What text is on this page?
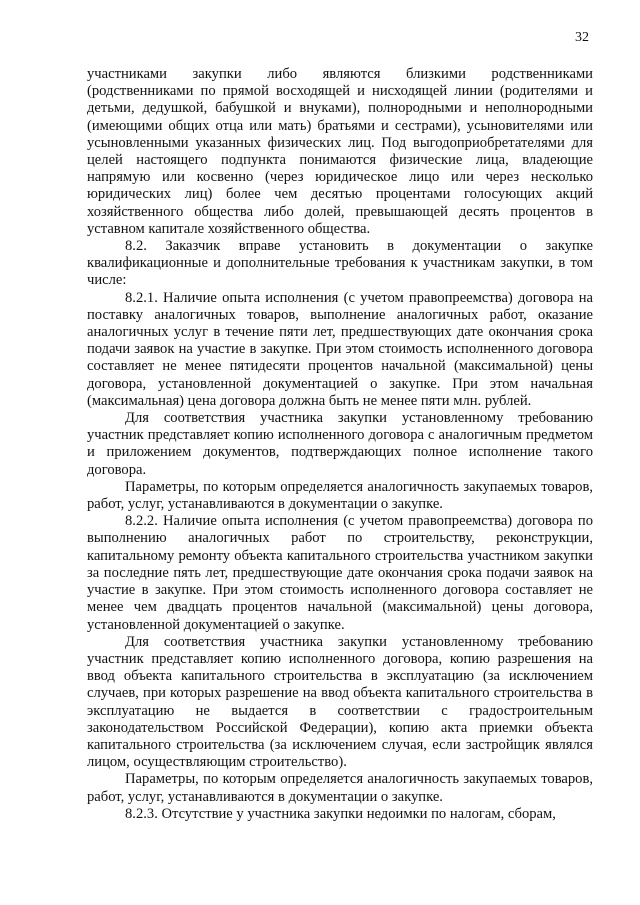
32

участниками закупки либо являются близкими родственниками (родственниками по прямой восходящей и нисходящей линии (родителями и детьми, дедушкой, бабушкой и внуками), полнородными и неполнородными (имеющими общих отца или мать) братьями и сестрами), усыновителями или усыновленными указанных физических лиц. Под выгодоприобретателями для целей настоящего подпункта понимаются физические лица, владеющие напрямую или косвенно (через юридическое лицо или через несколько юридических лиц) более чем десятью процентами голосующих акций хозяйственного общества либо долей, превышающей десять процентов в уставном капитале хозяйственного общества.

8.2. Заказчик вправе установить в документации о закупке квалификационные и дополнительные требования к участникам закупки, в том числе:

8.2.1. Наличие опыта исполнения (с учетом правопреемства) договора на поставку аналогичных товаров, выполнение аналогичных работ, оказание аналогичных услуг в течение пяти лет, предшествующих дате окончания срока подачи заявок на участие в закупке. При этом стоимость исполненного договора составляет не менее пятидесяти процентов начальной (максимальной) цены договора, установленной документацией о закупке. При этом начальная (максимальная) цена договора должна быть не менее пяти млн. рублей.

Для соответствия участника закупки установленному требованию участник представляет копию исполненного договора с аналогичным предметом и приложением документов, подтверждающих полное исполнение такого договора.

Параметры, по которым определяется аналогичность закупаемых товаров, работ, услуг, устанавливаются в документации о закупке.

8.2.2. Наличие опыта исполнения (с учетом правопреемства) договора по выполнению аналогичных работ по строительству, реконструкции, капитальному ремонту объекта капитального строительства участником закупки за последние пять лет, предшествующие дате окончания срока подачи заявок на участие в закупке. При этом стоимость исполненного договора составляет не менее чем двадцать процентов начальной (максимальной) цены договора, установленной документацией о закупке.

Для соответствия участника закупки установленному требованию участник представляет копию исполненного договора, копию разрешения на ввод объекта капитального строительства в эксплуатацию (за исключением случаев, при которых разрешение на ввод объекта капитального строительства в эксплуатацию не выдается в соответствии с градостроительным законодательством Российской Федерации), копию акта приемки объекта капитального строительства (за исключением случая, если застройщик являлся лицом, осуществляющим строительство).

Параметры, по которым определяется аналогичность закупаемых товаров, работ, услуг, устанавливаются в документации о закупке.

8.2.3. Отсутствие у участника закупки недоимки по налогам, сборам,
